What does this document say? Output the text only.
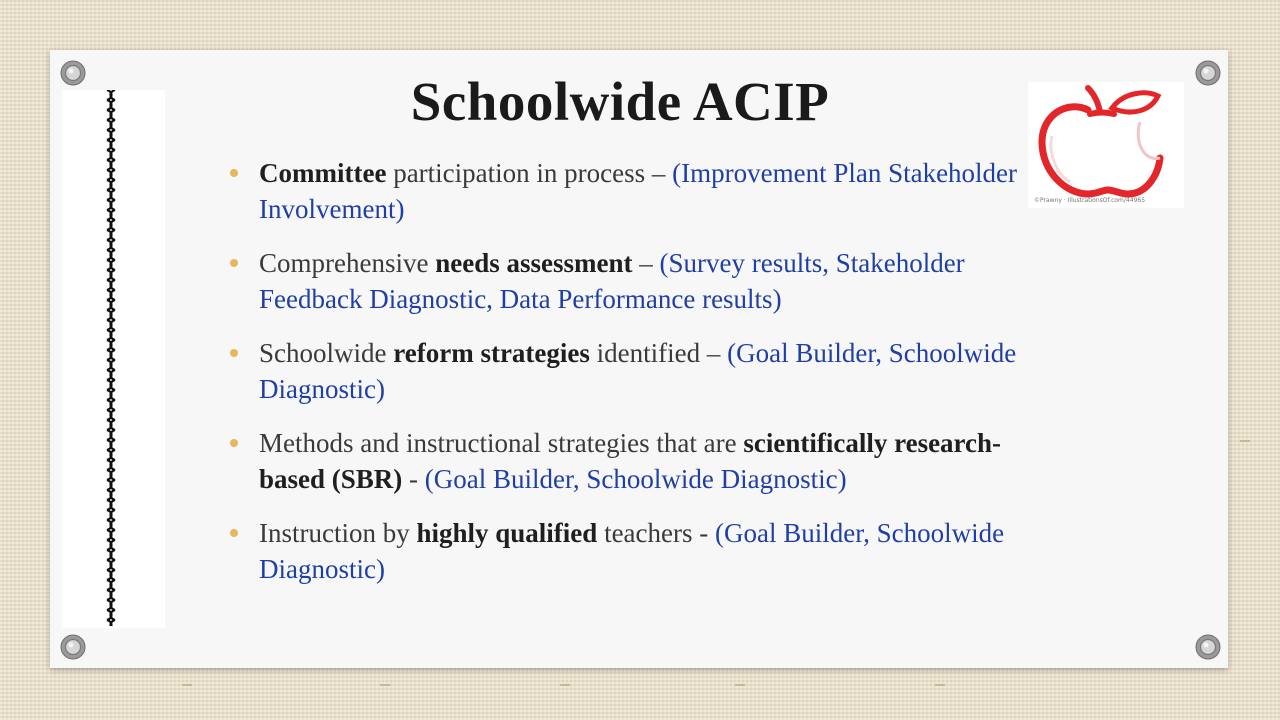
Schoolwide ACIP
©Prawny · IllustrationsOf.com/44965
Committee participation in process – (Improvement Plan Stakeholder Involvement)
Comprehensive needs assessment – (Survey results, Stakeholder Feedback Diagnostic, Data Performance results)
Schoolwide reform strategies identified – (Goal Builder, Schoolwide Diagnostic)
Methods and instructional strategies that are scientifically research-based (SBR) - (Goal Builder, Schoolwide Diagnostic)
Instruction by highly qualified teachers - (Goal Builder, Schoolwide Diagnostic)
